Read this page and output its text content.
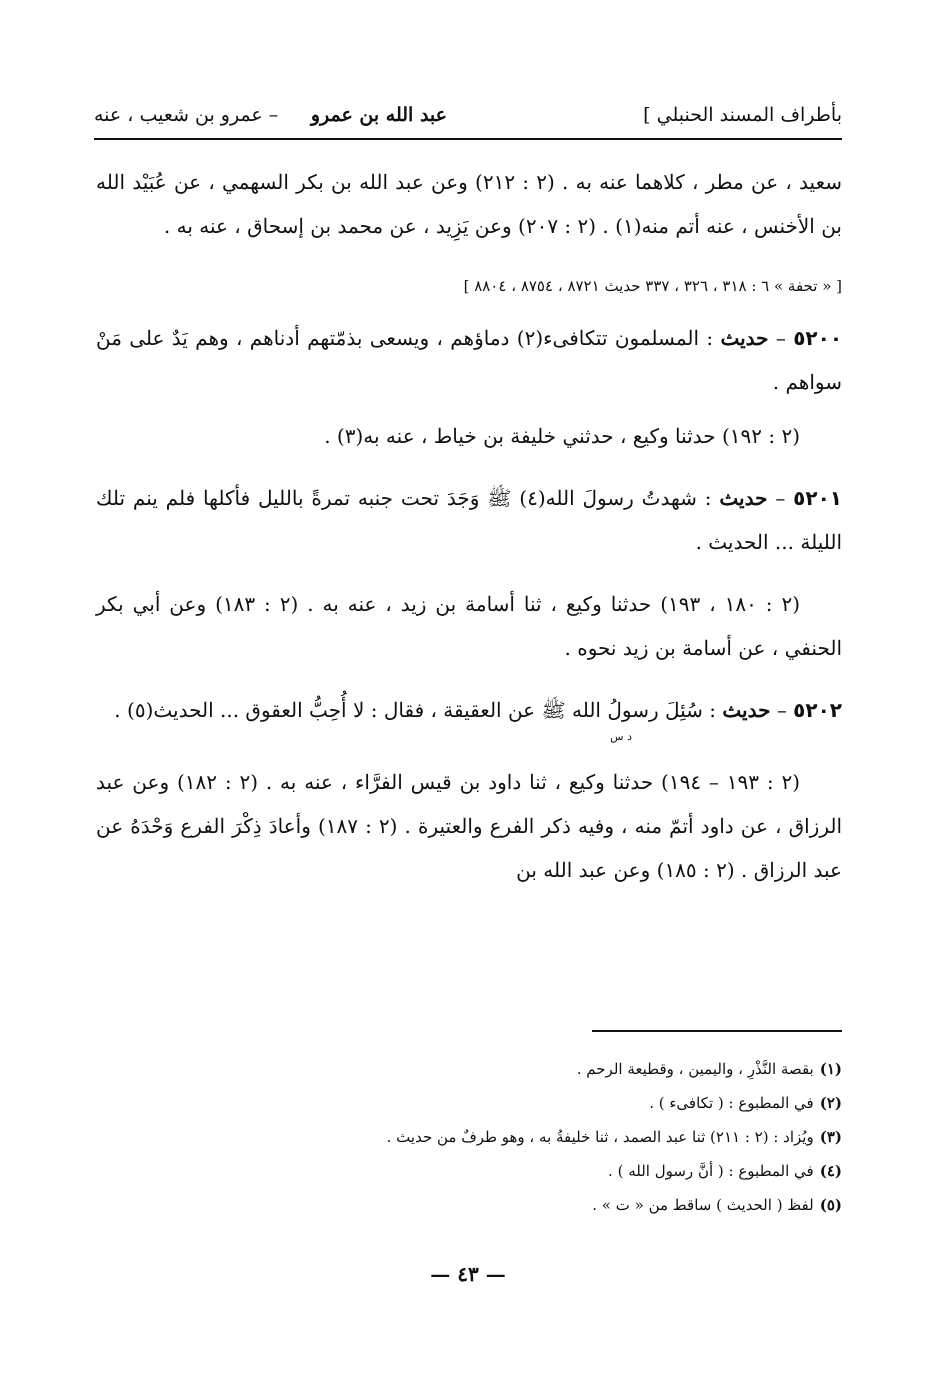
بأطراف المسند الحنبلي ]
عبد الله بن عمرو
– عمرو بن شعيب ، عنه

سعيد ، عن مطر ، كلاهما عنه به . (٢ : ٢١٢) وعن عبد الله بن بكر السهمي ، عن عُبَيْد الله بن الأخنس ، عنه أتم منه(١) . (٢ : ٢٠٧) وعن يَزِيد ، عن محمد بن إسحاق ، عنه به .

[ « تحفة » ٦ : ٣١٨ ، ٣٢٦ ، ٣٣٧ حديث ٨٧٢١ ، ٨٧٥٤ ، ٨٨٠٤ ]

٥٢٠٠ – حديث : المسلمون تتكافىء(٢) دماؤهم ، ويسعى بذمّتهم أدناهم ، وهم يَدٌ على مَنْ سواهم .

(٢ : ١٩٢) حدثنا وكيع ، حدثني خليفة بن خياط ، عنه به(٣) .

٥٢٠١ – حديث : شهدتُ رسولَ الله(٤) ﷺ وَجَدَ تحت جنبه تمرةً بالليل فأكلها فلم ينم تلك الليلة ... الحديث .

(٢ : ١٨٠ ، ١٩٣) حدثنا وكيع ، ثنا أسامة بن زيد ، عنه به . (٢ : ١٨٣) وعن أبي بكر الحنفي ، عن أسامة بن زيد نحوه .

٥٢٠٢ – حديث : سُئِلَ رسولُ الله ﷺ عن العقيقة ، فقال : لا أُحِبُّ العقوق ... الحديث(٥) .

د س

(٢ : ١٩٣ – ١٩٤) حدثنا وكيع ، ثنا داود بن قيس الفرَّاء ، عنه به . (٢ : ١٨٢) وعن عبد الرزاق ، عن داود أتمّ منه ، وفيه ذكر الفرع والعتيرة . (٢ : ١٨٧) وأعادَ ذِكْرَ الفرع وَحْدَهُ عن عبد الرزاق . (٢ : ١٨٥) وعن عبد الله بن

(١)بقصة النَّذْرِ ، واليمين ، وقطيعة الرحم .

(٢)في المطبوع : ( تكافىء ) .

(٣)ويُزاد : (٢ : ٢١١) ثنا عبد الصمد ، ثنا خليفةُ به ، وهو طرفٌ من حديث .

(٤)في المطبوع : ( أنَّ رسول الله ) .

(٥)لفظ ( الحديث ) ساقط من « ت » .

— ٤٣ —
